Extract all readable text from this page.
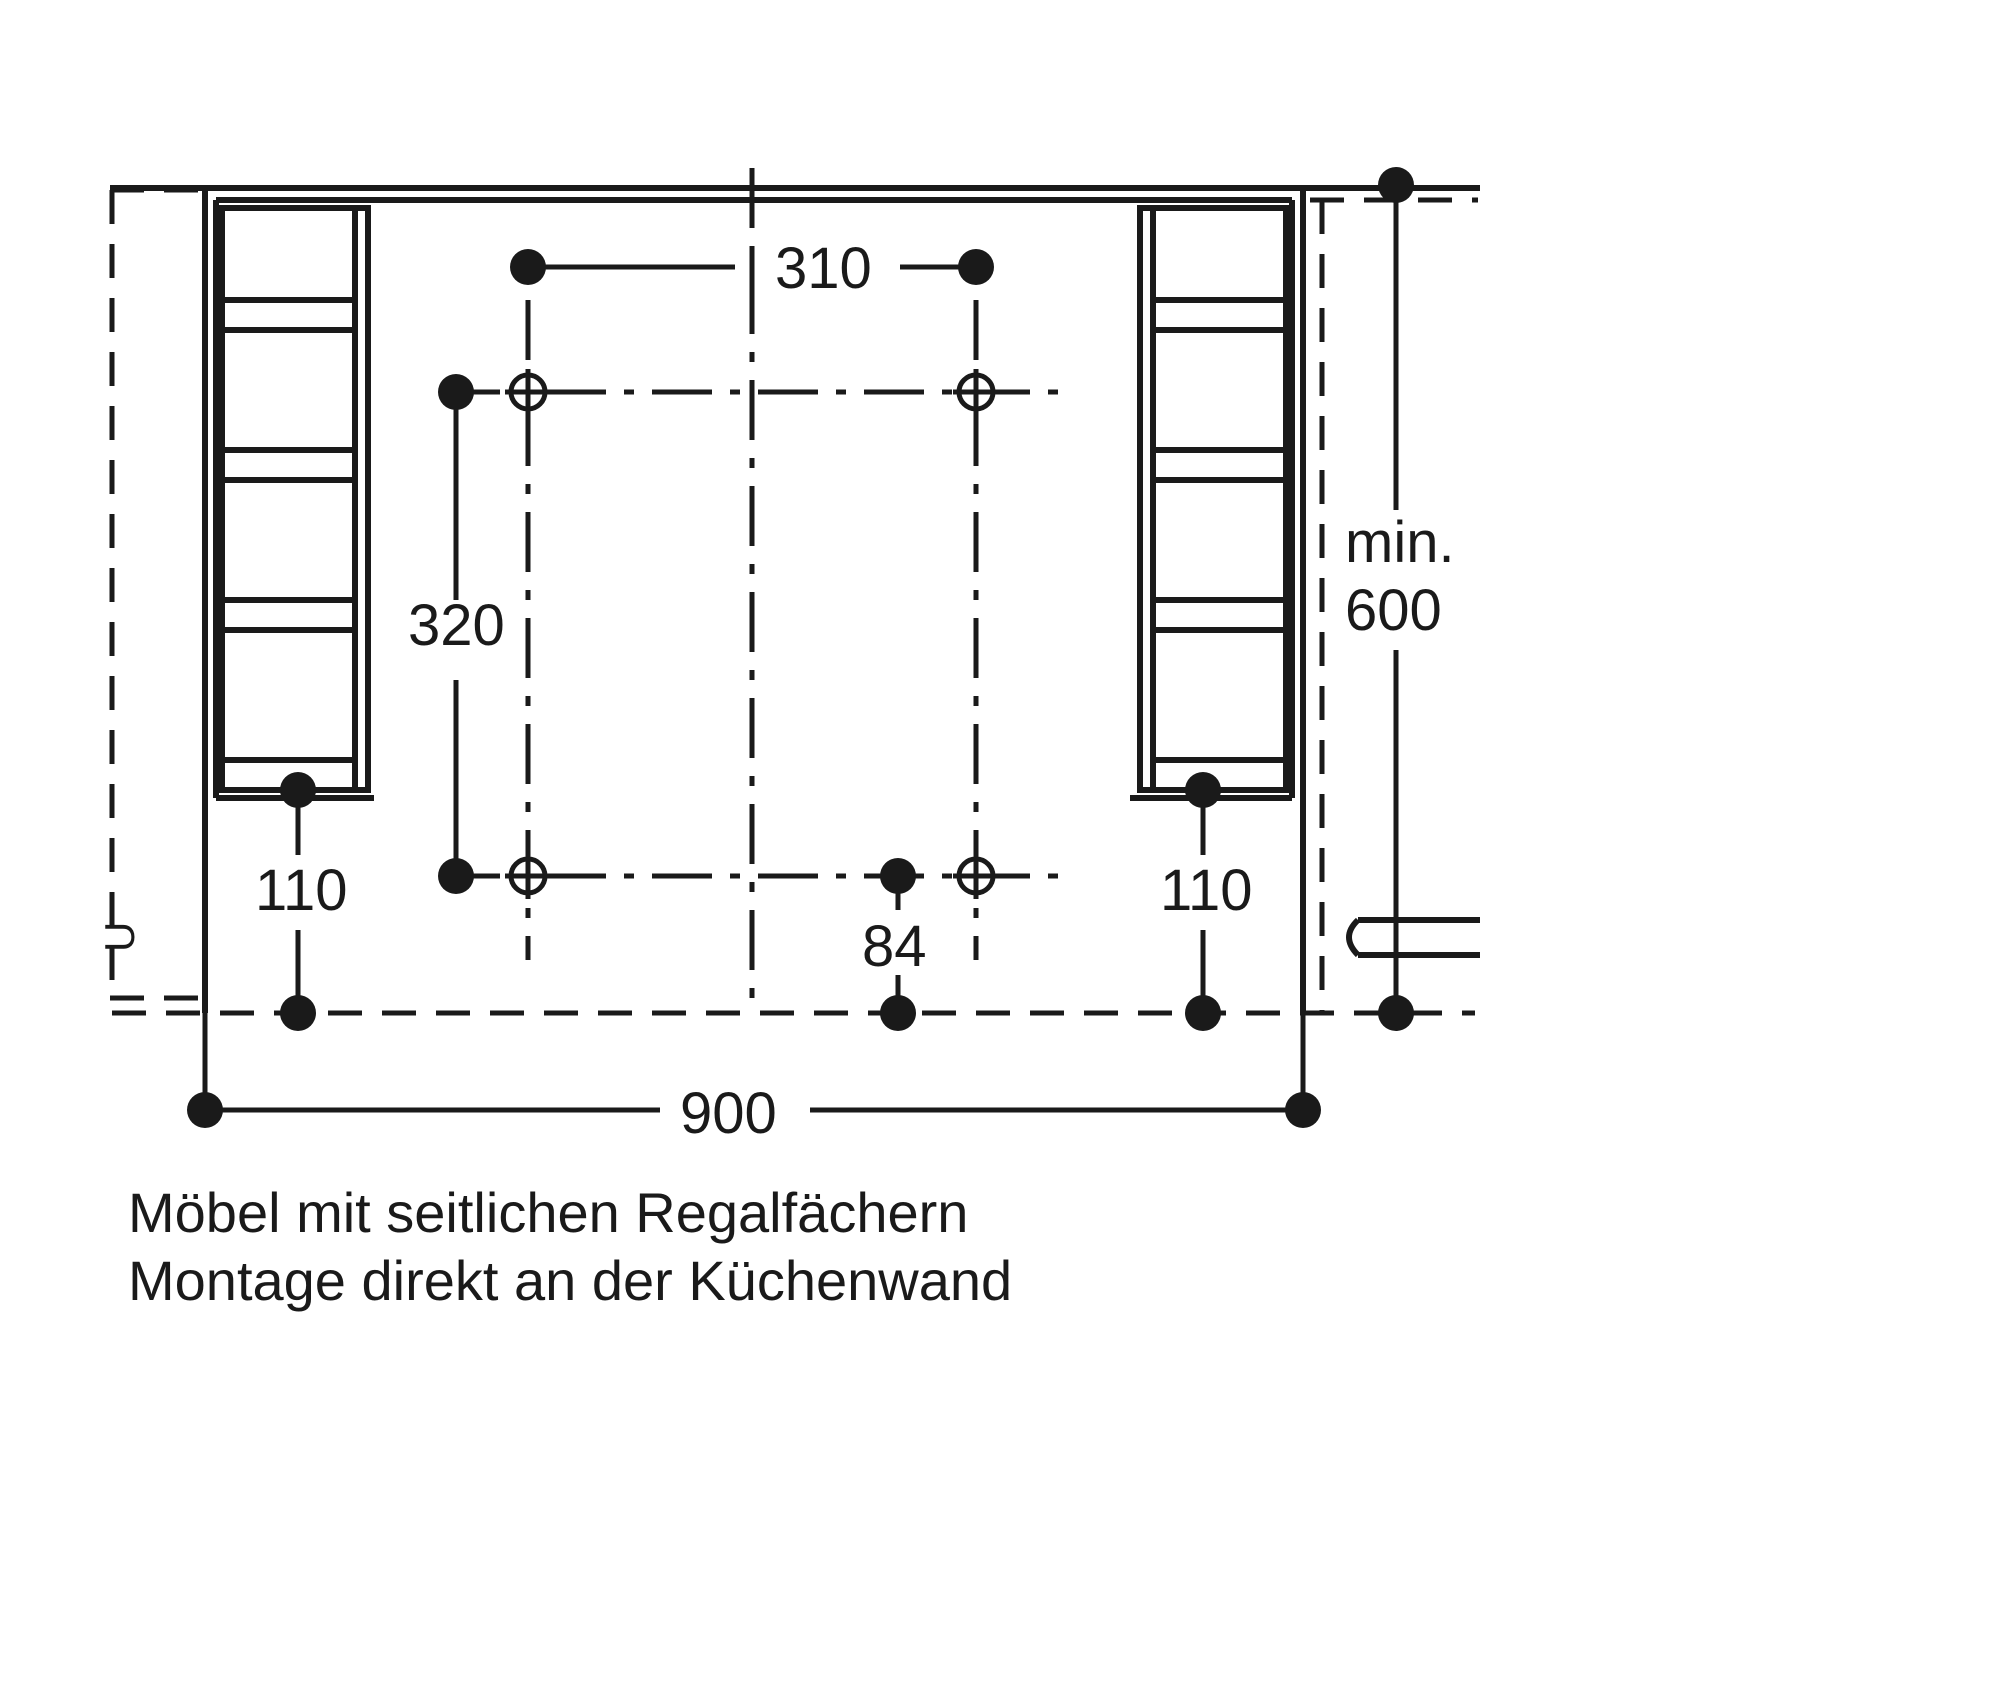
310
320
110	110
84
min.
600
900
U
Möbel mit seitlichen Regalfächern
Montage direkt an der Küchenwand
